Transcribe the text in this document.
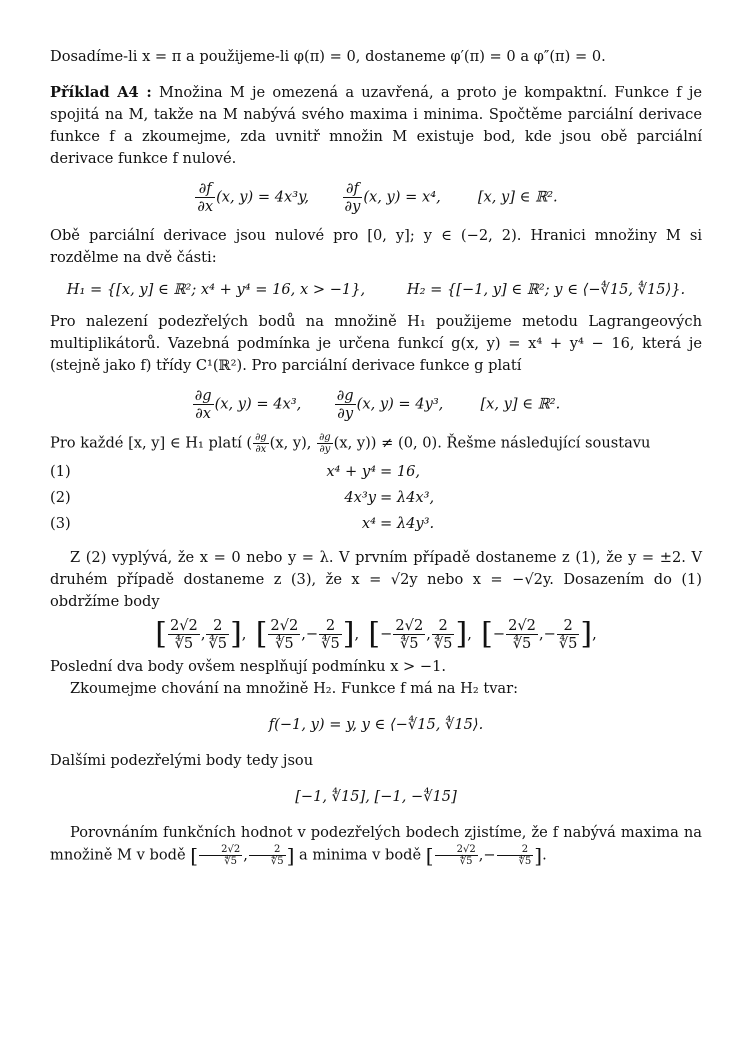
Dosadíme-li x = π a použijeme-li φ(π) = 0, dostaneme φ′(π) = 0 a φ″(π) = 0.

Příklad A4 : Množina M je omezená a uzavřená, a proto je kompaktní. Funkce f je spojitá na M, takže na M nabývá svého maxima i minima. Spočtěme parciální derivace funkce f a zkoumejme, zda uvnitř množin M existuje bod, kde jsou obě parciální derivace funkce f nulové.

$\frac{\partial f}{\partial x} (x$, y) = 4x³y, $\frac{\partial f}{\partial y} (x$, y) = x⁴,	[x, y] ∈ ℝ².

Obě parciální derivace jsou nulové pro [0, y]; y ∈ (−2, 2). Hranici množiny M si rozdělme na dvě části:

H₁ = {[x, y] ∈ ℝ²; x⁴ + y⁴ = 16, x > −1},	H₂ = {[−1, y] ∈ ℝ²; y ∈ ⟨−∜15, ∜15⟩}.

Pro nalezení podezřelých bodů na množině H₁ použijeme metodu Lagrangeových multiplikátorů. Vazebná podmínka je určena funkcí g(x, y) = x⁴ + y⁴ − 16, která je (stejně jako f) třídy C¹(ℝ²). Pro parciální derivace funkce g platí

$\frac{\partial g}{\partial x} (x$, y) = 4x³, $\frac{\partial g}{\partial y} (x$, y) = 4y³,	[x, y] ∈ ℝ².

Pro každé [x, y] ∈ H₁ platí ( $\frac{\partial g}{\partial x} (x$, y), $\frac{\partial g}{\partial y} (x$, y)) ≠ (0, 0). Řešme následující soustavu

(1)	x⁴ + y⁴ = 16,
(2)	4x³y = λ4x³,
(3)	x⁴ = λ4y³.

Z (2) vyplývá, že x = 0 nebo y = λ. V prvním případě dostaneme z (1), že y = ±2. V druhém případě dostaneme z (3), že x = √2y nebo x = −√2y. Dosazením do (1) obdržíme body

[ $\frac{2√2}{∜5}$ , $\frac{2}{∜5}$ ],  [ $\frac{2√2}{∜5}$ ,− $\frac{2}{∜5}$ ],  [− $\frac{2√2}{∜5}$ , $\frac{2}{∜5}$ ],  [− $\frac{2√2}{∜5}$ ,− $\frac{2}{∜5}$ ],

Poslední dva body ovšem nesplňují podmínku x > −1.

Zkoumejme chování na množině H₂. Funkce f má na H₂ tvar:

f(−1, y) = y, y ∈ ⟨−∜15, ∜15⟩.

Dalšími podezřelými body tedy jsou

[−1, ∜15], [−1, −∜15]

Porovnáním funkčních hodnot v podezřelých bodech zjistíme, že f nabývá maxima na množině M v bodě [ $\frac{2√2}{∜5}$ , $\frac{2}{∜5}$ ] a minima v bodě [ $\frac{2√2}{∜5}$ ,− $\frac{2}{∜5}$ ].
